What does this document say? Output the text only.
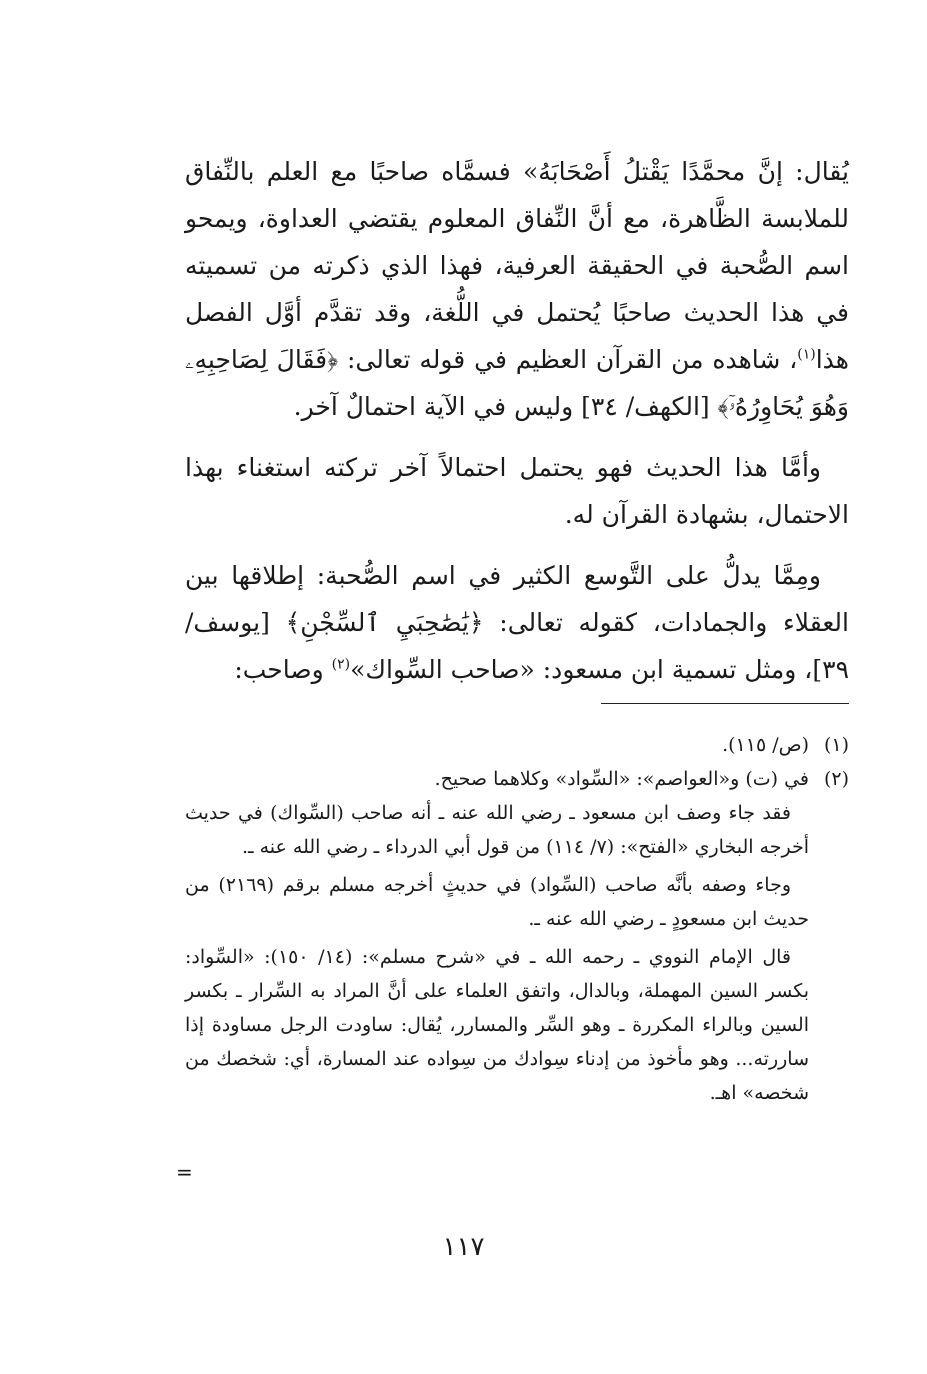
يُقال: إنَّ محمَّدًا يَقْتلُ أَصْحَابَهُ» فسمَّاه صاحبًا مع العلم بالنِّفاق للملابسة الظَّاهرة، مع أنَّ النِّفاق المعلوم يقتضي العداوة، ويمحو اسم الصُّحبة في الحقيقة العرفية، فهذا الذي ذكرته من تسميته في هذا الحديث صاحبًا يُحتمل في اللُّغة، وقد تقدَّم أوَّل الفصل هذا$^{(١)}$، شاهده من القرآن العظيم في قوله تعالى: ﴿فَقَالَ لِصَاحِبِهِۦ وَهُوَ يُحَاوِرُهُۥٓ﴾ [الكهف/ ٣٤] وليس في الآية احتمالٌ آخر.

وأمَّا هذا الحديث فهو يحتمل احتمالاً آخر تركته استغناء بهذا الاحتمال، بشهادة القرآن له.

ومِمَّا يدلُّ على التَّوسع الكثير في اسم الصُّحبة: إطلاقها بين العقلاء والجمادات، كقوله تعالى: ﴿يَٰصَٰحِبَيِ ٱلسِّجْنِ﴾ [يوسف/ ٣٩]، ومثل تسمية ابن مسعود: «صاحب السِّواك»$^{(٢)}$ وصاحب:

(١)
(ص/ ١١٥).
(٢)
في (ت) و«العواصم»: «السِّواد» وكلاهما صحيح.

فقد جاء وصف ابن مسعود ـ رضي الله عنه ـ أنه صاحب (السِّواك) في حديث أخرجه البخاري «الفتح»: (٧/ ١١٤) من قول أبي الدرداء ـ رضي الله عنه ـ.

وجاء وصفه بأنَّه صاحب (السِّواد) في حديثٍ أخرجه مسلم برقم (٢١٦٩) من حديث ابن مسعودٍ ـ رضي الله عنه ـ.

قال الإمام النووي ـ رحمه الله ـ في «شرح مسلم»: (١٤/ ١٥٠): «السِّواد: بكسر السين المهملة، وبالدال، واتفق العلماء على أنَّ المراد به السِّرار ـ بكسر السين وبالراء المكررة ـ وهو السِّر والمسارر، يُقال: ساودت الرجل مساودة إذا ساررته... وهو مأخوذ من إدناء سِوادك من سِواده عند المسارة، أي: شخصك من شخصه» اهـ.

=
١١٧
